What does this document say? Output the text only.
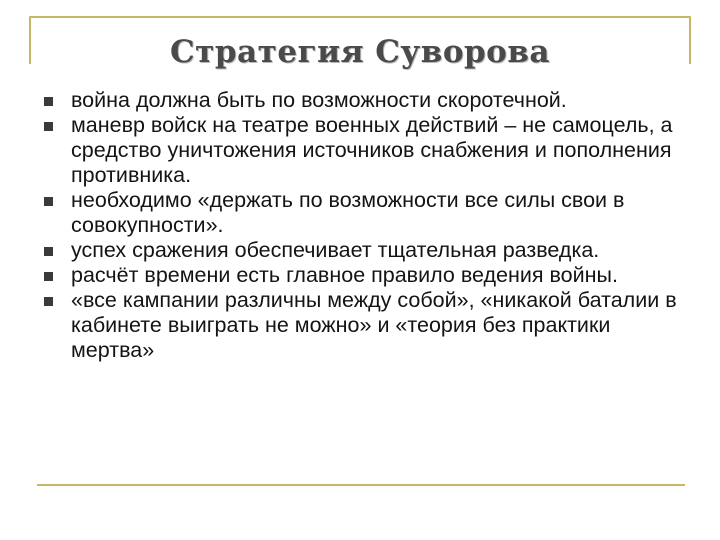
Стратегия Суворова
война должна быть по возможности скоротечной.
маневр войск на театре военных действий – не самоцель, а средство уничтожения источников снабжения и пополнения противника.
необходимо «держать по возможности все силы свои в совокупности».
успех сражения обеспечивает тщательная разведка.
расчёт времени есть главное правило ведения войны.
«все кампании различны между собой», «никакой баталии в кабинете выиграть не можно» и «теория без практики мертва»
